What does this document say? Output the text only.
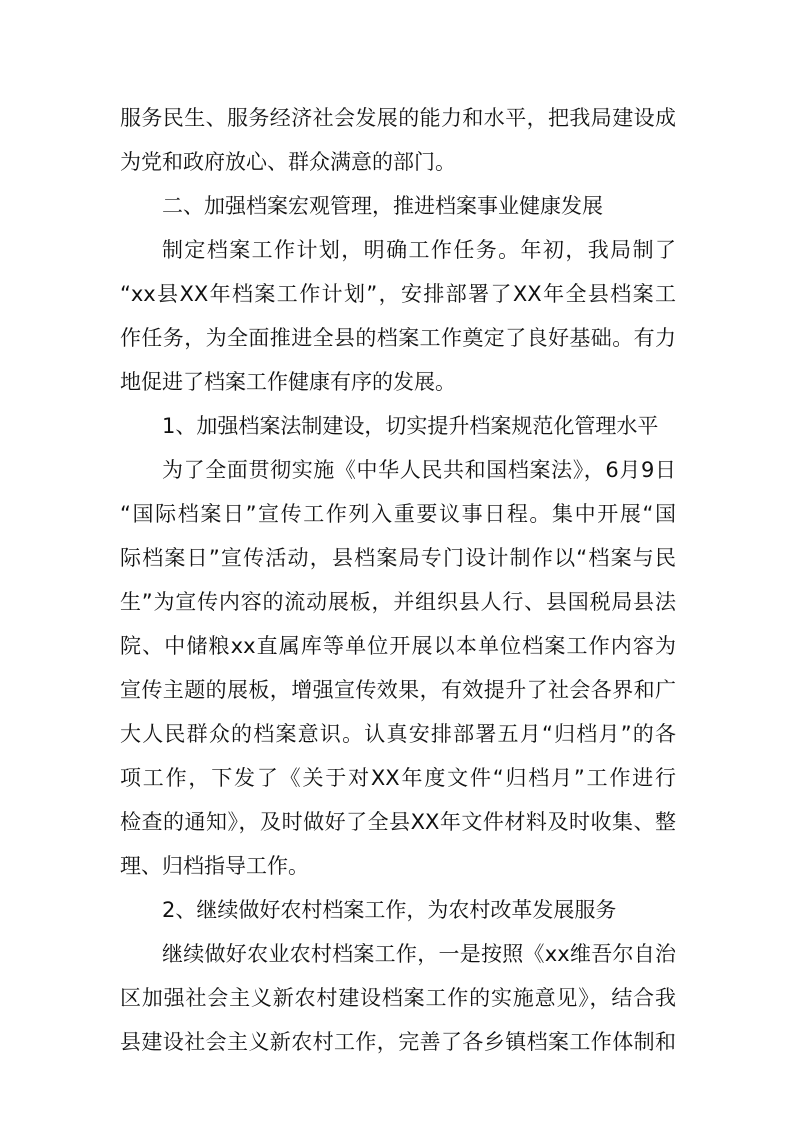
服务民生、服务经济社会发展的能力和水平，把我局建设成
为党和政府放心、群众满意的部门。
二、加强档案宏观管理，推进档案事业健康发展
制定档案工作计划，明确工作任务。年初，我局制了
“xx县XX年档案工作计划”，安排部署了XX年全县档案工
作任务，为全面推进全县的档案工作奠定了良好基础。有力
地促进了档案工作健康有序的发展。
1、加强档案法制建设，切实提升档案规范化管理水平
为了全面贯彻实施《中华人民共和国档案法》，6月9日
“国际档案日”宣传工作列入重要议事日程。集中开展“国
际档案日”宣传活动，县档案局专门设计制作以“档案与民
生”为宣传内容的流动展板，并组织县人行、县国税局县法
院、中储粮xx直属库等单位开展以本单位档案工作内容为
宣传主题的展板，增强宣传效果，有效提升了社会各界和广
大人民群众的档案意识。认真安排部署五月“归档月”的各
项工作，下发了《关于对XX年度文件“归档月”工作进行
检查的通知》，及时做好了全县XX年文件材料及时收集、整
理、归档指导工作。
2、继续做好农村档案工作，为农村改革发展服务
继续做好农业农村档案工作，一是按照《xx维吾尔自治
区加强社会主义新农村建设档案工作的实施意见》，结合我
县建设社会主义新农村工作，完善了各乡镇档案工作体制和
